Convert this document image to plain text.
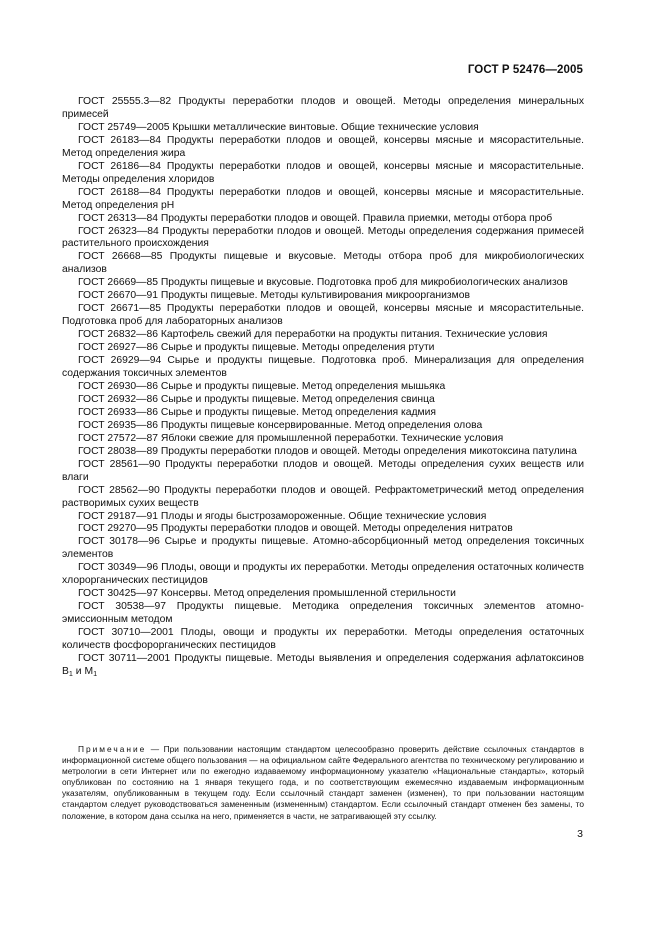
ГОСТ Р 52476—2005

ГОСТ 25555.3—82 Продукты переработки плодов и овощей. Методы определения минеральных примесей

ГОСТ 25749—2005 Крышки металлические винтовые. Общие технические условия

ГОСТ 26183—84 Продукты переработки плодов и овощей, консервы мясные и мясорастительные. Метод определения жира

ГОСТ 26186—84 Продукты переработки плодов и овощей, консервы мясные и мясорастительные. Методы определения хлоридов

ГОСТ 26188—84 Продукты переработки плодов и овощей, консервы мясные и мясорастительные. Метод определения pH

ГОСТ 26313—84 Продукты переработки плодов и овощей. Правила приемки, методы отбора проб

ГОСТ 26323—84 Продукты переработки плодов и овощей. Методы определения содержания примесей растительного происхождения

ГОСТ 26668—85 Продукты пищевые и вкусовые. Методы отбора проб для микробиологических анализов

ГОСТ 26669—85 Продукты пищевые и вкусовые. Подготовка проб для микробиологических анализов

ГОСТ 26670—91 Продукты пищевые. Методы культивирования микроорганизмов

ГОСТ 26671—85 Продукты переработки плодов и овощей, консервы мясные и мясорастительные. Подготовка проб для лабораторных анализов

ГОСТ 26832—86 Картофель свежий для переработки на продукты питания. Технические условия

ГОСТ 26927—86 Сырье и продукты пищевые. Методы определения ртути

ГОСТ 26929—94 Сырье и продукты пищевые. Подготовка проб. Минерализация для определения содержания токсичных элементов

ГОСТ 26930—86 Сырье и продукты пищевые. Метод определения мышьяка

ГОСТ 26932—86 Сырье и продукты пищевые. Метод определения свинца

ГОСТ 26933—86 Сырье и продукты пищевые. Метод определения кадмия

ГОСТ 26935—86 Продукты пищевые консервированные. Метод определения олова

ГОСТ 27572—87 Яблоки свежие для промышленной переработки. Технические условия

ГОСТ 28038—89 Продукты переработки плодов и овощей. Методы определения микотоксина патулина

ГОСТ 28561—90 Продукты переработки плодов и овощей. Методы определения сухих веществ или влаги

ГОСТ 28562—90 Продукты переработки плодов и овощей. Рефрактометрический метод определения растворимых сухих веществ

ГОСТ 29187—91 Плоды и ягоды быстрозамороженные. Общие технические условия

ГОСТ 29270—95 Продукты переработки плодов и овощей. Методы определения нитратов

ГОСТ 30178—96 Сырье и продукты пищевые. Атомно-абсорбционный метод определения токсичных элементов

ГОСТ 30349—96 Плоды, овощи и продукты их переработки. Методы определения остаточных количеств хлорорганических пестицидов

ГОСТ 30425—97 Консервы. Метод определения промышленной стерильности

ГОСТ 30538—97 Продукты пищевые. Методика определения токсичных элементов атомно-эмиссионным методом

ГОСТ 30710—2001 Плоды, овощи и продукты их переработки. Методы определения остаточных количеств фосфорорганических пестицидов

ГОСТ 30711—2001 Продукты пищевые. Методы выявления и определения содержания афлатоксинов $B_1$ и $M_1$

Примечание — При пользовании настоящим стандартом целесообразно проверить действие ссылочных стандартов в информационной системе общего пользования — на официальном сайте Федерального агентства по техническому регулированию и метрологии в сети Интернет или по ежегодно издаваемому информационному указателю «Национальные стандарты», который опубликован по состоянию на 1 января текущего года, и по соответствующим ежемесячно издаваемым информационным указателям, опубликованным в текущем году. Если ссылочный стандарт заменен (изменен), то при пользовании настоящим стандартом следует руководствоваться замененным (измененным) стандартом. Если ссылочный стандарт отменен без замены, то положение, в котором дана ссылка на него, применяется в части, не затрагивающей эту ссылку.
3
